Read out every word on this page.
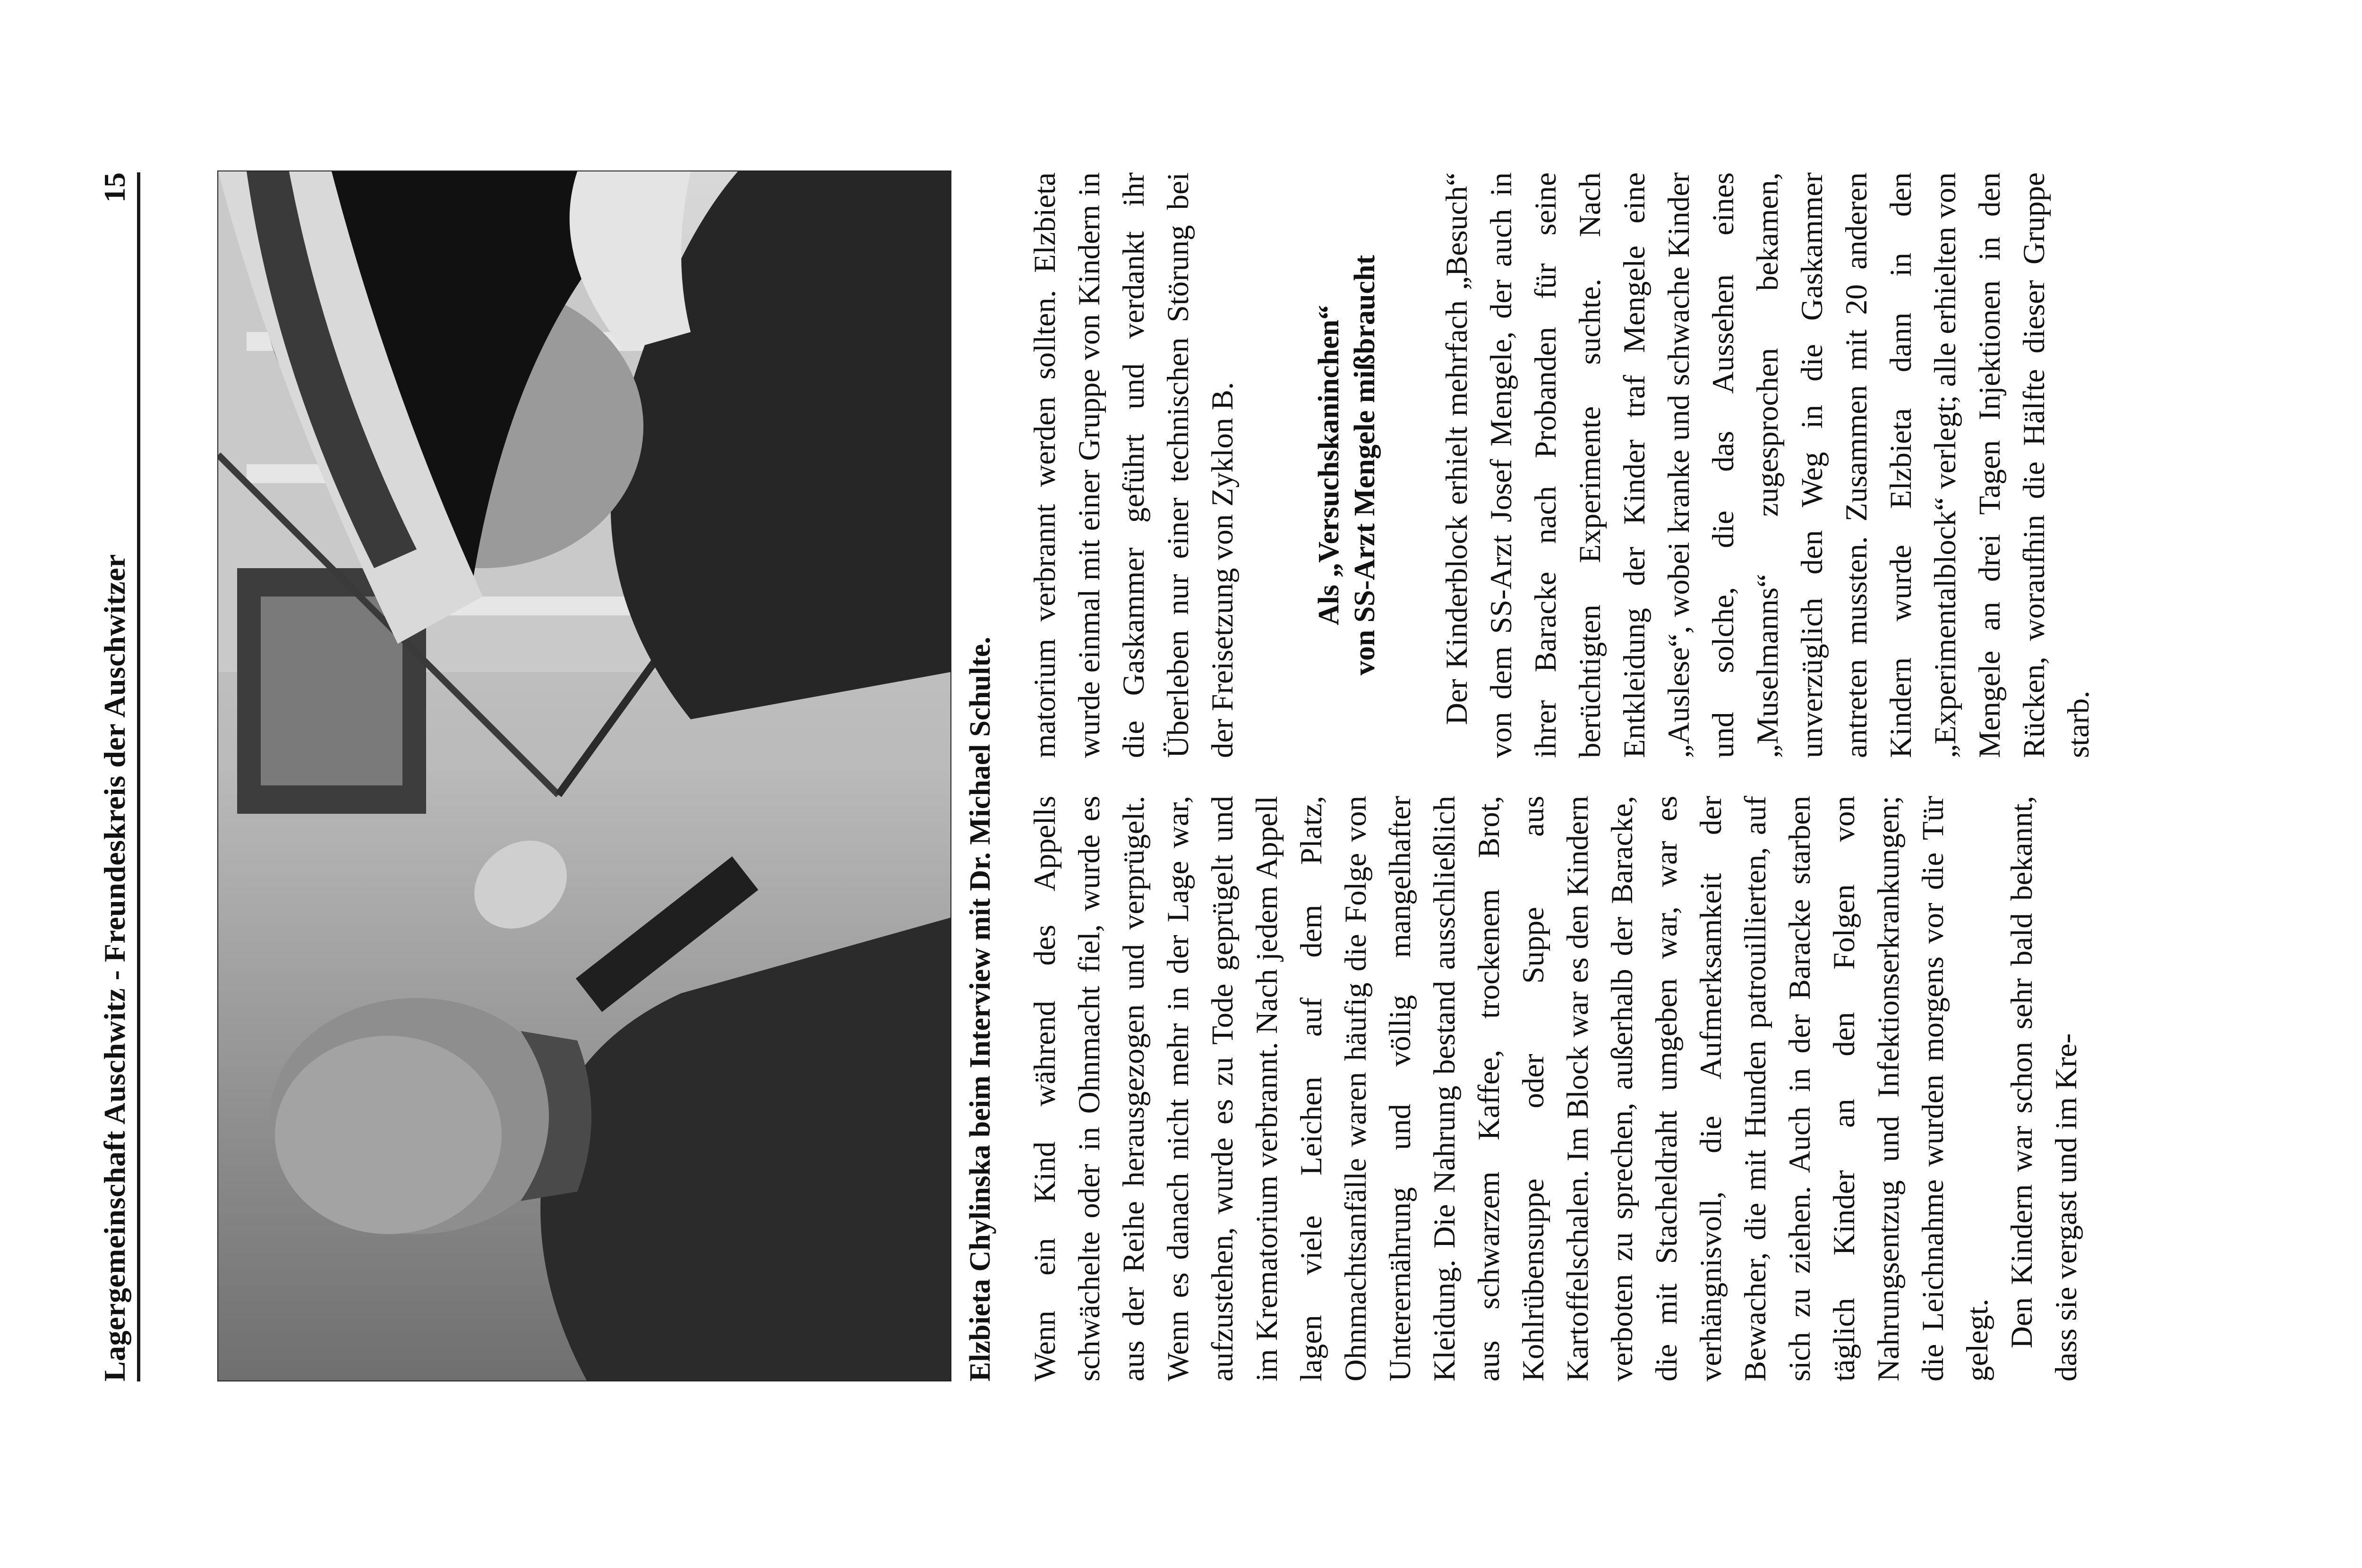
Lagergemeinschaft Auschwitz - Freundeskreis der Auschwitzer
15
Elzbieta Chylinska beim Interview mit Dr. Michael Schulte. Wenn ein Kind während des Appells schwächelte oder in Ohnmacht fiel, wurde es aus der Reihe herausgezogen und verprügelt. Wenn es danach nicht mehr in der Lage war, aufzustehen, wurde es zu Tode geprügelt und im Krematorium verbrannt. Nach jedem Appell lagen viele Leichen auf dem Platz, Ohnmachtsanfälle waren häufig die Folge von Unterernährung und völlig mangelhafter Kleidung. Die Nahrung bestand ausschließlich aus schwarzem Kaffee, trockenem Brot, Kohlrübensuppe oder Suppe aus Kartoffelschalen. Im Block war es den Kindern verboten zu sprechen, außerhalb der Baracke, die mit Stacheldraht umgeben war, war es verhängnisvoll, die Aufmerksamkeit der Bewacher, die mit Hunden patrouillierten, auf sich zu ziehen. Auch in der Baracke starben täglich Kinder an den Folgen von Nahrungsentzug und Infektionserkrankungen; die Leichnahme wurden morgens vor die Tür gelegt. Den Kindern war schon sehr bald bekannt, dass sie vergast und im Kre-

matorium verbrannt werden sollten. Elzbieta wurde einmal mit einer Gruppe von Kindern in die Gaskammer geführt und verdankt ihr Überleben nur einer technischen Störung bei der Freisetzung von Zyklon B.	Als „Versuchskaninchen“ von SS-Arzt Mengele mißbraucht Der Kinderblock erhielt mehrfach „Besuch“ von dem SS-Arzt Josef Mengele, der auch in ihrer Baracke nach Probanden für seine berüchtigten Experimente suchte. Nach Entkleidung der Kinder traf Mengele eine „Auslese“, wobei kranke und schwache Kinder und solche, die das Aussehen eines „Muselmanns“ zugesprochen bekamen, unverzüglich den Weg in die Gaskammer antreten mussten. Zusammen mit 20 anderen Kindern wurde Elzbieta dann in den „Experimentalblock“ verlegt; alle erhielten von Mengele an drei Tagen Injektionen in den Rücken, woraufhin die Hälfte dieser Gruppe starb.
